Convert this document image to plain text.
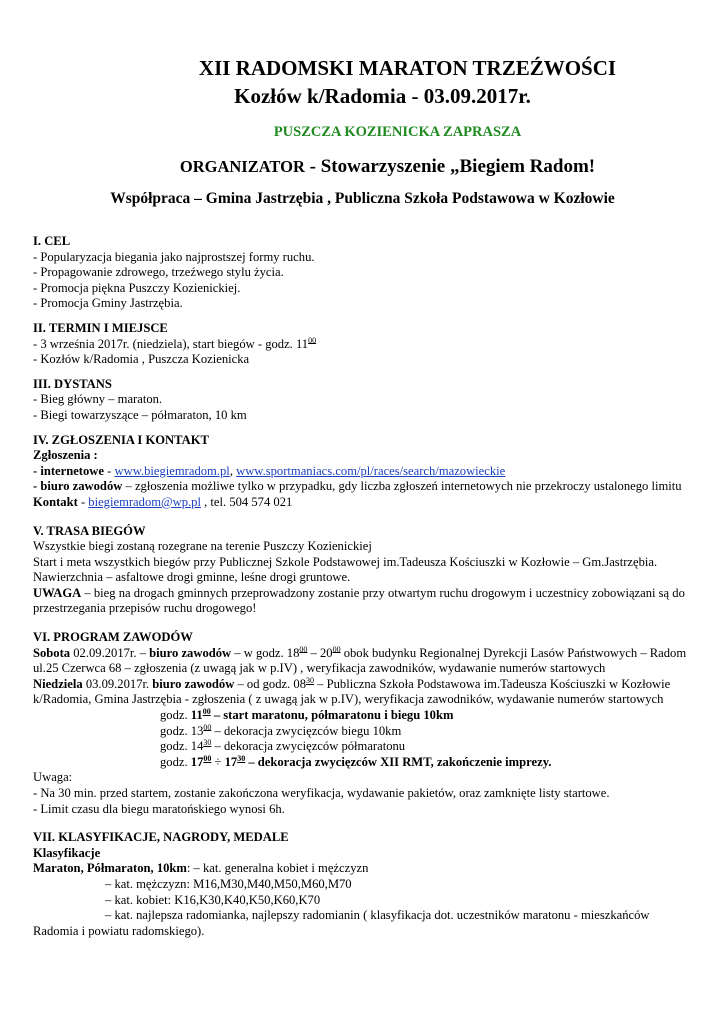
XII RADOMSKI MARATON TRZEŹWOŚCI
Kozłów k/Radomia - 03.09.2017r.
PUSZCZA KOZIENICKA ZAPRASZA
ORGANIZATOR - Stowarzyszenie „Biegiem Radom!
Współpraca – Gmina Jastrzębia , Publiczna Szkoła Podstawowa w Kozłowie

I. CEL

- Popularyzacja biegania jako najprostszej formy ruchu.

- Propagowanie zdrowego, trzeźwego stylu życia.

- Promocja piękna Puszczy Kozienickiej.

- Promocja Gminy Jastrzębia.

II. TERMIN I MIEJSCE

- 3 września 2017r. (niedziela), start biegów - godz. $11^{00}$

- Kozłów k/Radomia , Puszcza Kozienicka

III. DYSTANS

- Bieg główny – maraton.

- Biegi towarzyszące – półmaraton, 10 km

IV. ZGŁOSZENIA I KONTAKT

Zgłoszenia :

- internetowe - www.biegiemradom.pl, www.sportmaniacs.com/pl/races/search/mazowieckie

- biuro zawodów – zgłoszenia możliwe tylko w przypadku, gdy liczba zgłoszeń internetowych nie przekroczy ustalonego limitu

Kontakt - biegiemradom@wp.pl , tel. 504 574 021

V. TRASA BIEGÓW

Wszystkie biegi zostaną rozegrane na terenie Puszczy Kozienickiej

Start i meta wszystkich biegów przy Publicznej Szkole Podstawowej im.Tadeusza Kościuszki w Kozłowie – Gm.Jastrzębia.

Nawierzchnia – asfaltowe drogi gminne, leśne drogi gruntowe.

UWAGA – bieg na drogach gminnych przeprowadzony zostanie przy otwartym ruchu drogowym i uczestnicy zobowiązani są do przestrzegania przepisów ruchu drogowego!

VI. PROGRAM ZAWODÓW

Sobota 02.09.2017r. – biuro zawodów – w godz. $18^{00} - 20^{00}$ obok budynku Regionalnej Dyrekcji Lasów Państwowych – Radom ul.25 Czerwca 68 – zgłoszenia (z uwagą jak w p.IV) , weryfikacja zawodników, wydawanie numerów startowych

Niedziela 03.09.2017r. biuro zawodów – od godz. $08^{30}$ – Publiczna Szkoła Podstawowa im.Tadeusza Kościuszki w Kozłowie k/Radomia, Gmina Jastrzębia - zgłoszenia ( z uwagą jak w p.IV), weryfikacja zawodników, wydawanie numerów startowych

godz. $11^{00}$ – start maratonu, półmaratonu i biegu 10km

godz. $13^{00}$ – dekoracja zwycięzców biegu 10km

godz. $14^{30}$ – dekoracja zwycięzców półmaratonu

godz. $17^{00} \div 17^{30}$ – dekoracja zwycięzców XII RMT, zakończenie imprezy.

Uwaga:

- Na 30 min. przed startem, zostanie zakończona weryfikacja, wydawanie pakietów, oraz zamknięte listy startowe.

- Limit czasu dla biegu maratońskiego wynosi 6h.

VII. KLASYFIKACJE, NAGRODY, MEDALE

Klasyfikacje

Maraton, Półmaraton, 10km: – kat. generalna kobiet i mężczyzn

– kat. mężczyzn: M16,M30,M40,M50,M60,M70

– kat. kobiet: K16,K30,K40,K50,K60,K70

– kat. najlepsza radomianka, najlepszy radomianin ( klasyfikacja dot. uczestników maratonu - mieszkańców Radomia i powiatu radomskiego).
